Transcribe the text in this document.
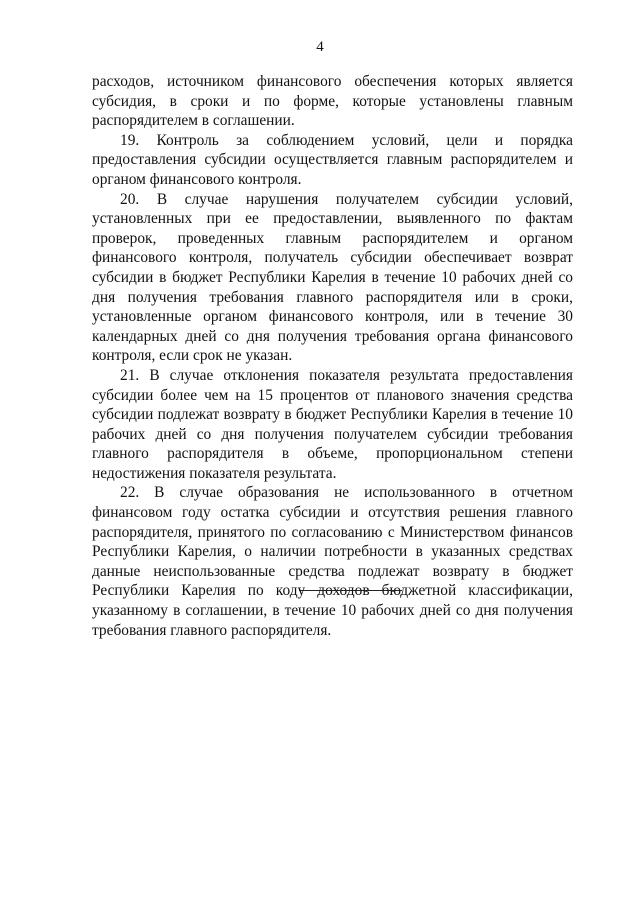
4

расходов, источником финансового обеспечения которых является субсидия, в сроки и по форме, которые установлены главным распорядителем в соглашении.

19. Контроль за соблюдением условий, цели и порядка предоставления субсидии осуществляется главным распорядителем и органом финансового контроля.

20. В случае нарушения получателем субсидии условий, установленных при ее предоставлении, выявленного по фактам проверок, проведенных главным распорядителем и органом финансового контроля, получатель субсидии обеспечивает возврат субсидии в бюджет Республики Карелия в течение 10 рабочих дней со дня получения требования главного распорядителя или в сроки, установленные органом финансового контроля, или в течение 30 календарных дней со дня получения требования органа финансового контроля, если срок не указан.

21. В случае отклонения показателя результата предоставления субсидии более чем на 15 процентов от планового значения средства субсидии подлежат возврату в бюджет Республики Карелия в течение 10 рабочих дней со дня получения получателем субсидии требования главного распорядителя в объеме, пропорциональном степени недостижения показателя результата.

22. В случае образования не использованного в отчетном финансовом году остатка субсидии и отсутствия решения главного распорядителя, принятого по согласованию с Министерством финансов Республики Карелия, о наличии потребности в указанных средствах данные неиспользованные средства подлежат возврату в бюджет Республики Карелия по коду доходов бюджетной классификации, указанному в соглашении, в течение 10 рабочих дней со дня получения требования главного распорядителя.
